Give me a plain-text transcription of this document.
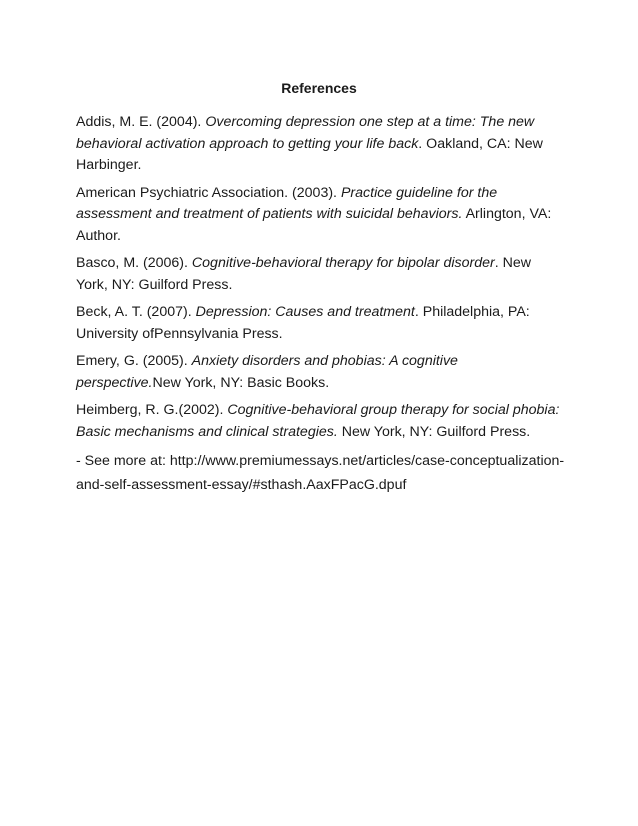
References

Addis, M. E. (2004). Overcoming depression one step at a time: The new behavioral activation approach to getting your life back. Oakland, CA: New Harbinger.

American Psychiatric Association. (2003). Practice guideline for the assessment and treatment of patients with suicidal behaviors. Arlington, VA: Author.

Basco, M. (2006). Cognitive-behavioral therapy for bipolar disorder. New York, NY: Guilford Press.

Beck, A. T. (2007). Depression: Causes and treatment. Philadelphia, PA: University ofPennsylvania Press.

Emery, G. (2005). Anxiety disorders and phobias: A cognitive perspective.New York, NY: Basic Books.

Heimberg, R. G.(2002). Cognitive-behavioral group therapy for social phobia: Basic mechanisms and clinical strategies. New York, NY: Guilford Press.

- See more at: http://www.premiumessays.net/articles/case-conceptualization-and-self-assessment-essay/#sthash.AaxFPacG.dpuf
